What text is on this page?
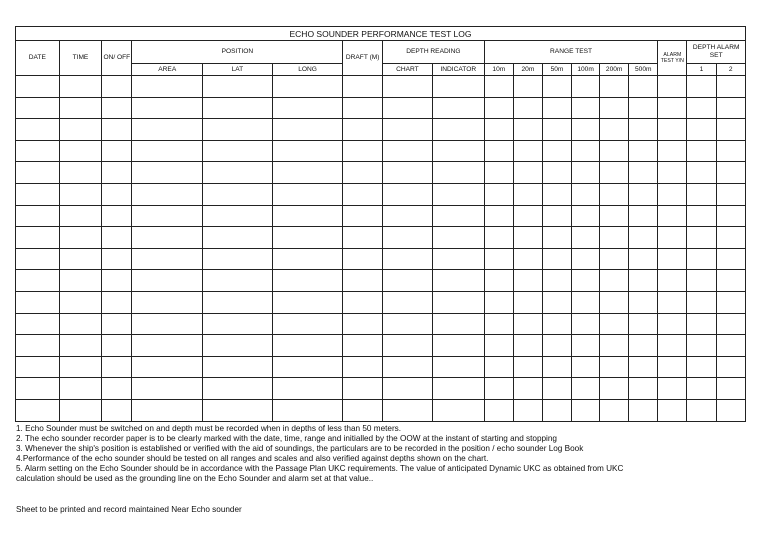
ECHO SOUNDER PERFORMANCE TEST LOG																	
DATE	TIME	ON/ OFF	POSITION			DRAFT (M)	DEPTH READING		RANGE TEST						ALARM TEST Y/N	DEPTH ALARM SET	
			AREA	LAT	LONG		CHART	INDICATOR	10m	20m	50m	100m	200m	500m		1	2

1. Echo Sounder must be switched on and depth must be recorded when in depths of less than 50 meters.
2. The echo sounder recorder paper is to be clearly marked with the date, time, range and initialled by the OOW at the instant of starting and stopping
3. Whenever the ship's position is established or verified with the aid of soundings, the particulars are to be recorded in the position / echo sounder Log Book
4.Performance of the echo sounder should be tested on all ranges and scales and also verified against depths shown on the chart.
5. Alarm setting on the Echo Sounder should be in accordance with the Passage Plan UKC requirements. The value of anticipated Dynamic UKC as obtained from UKC
calculation should be used as the grounding line on the Echo Sounder and alarm set at that value..
Sheet to be printed and record maintained Near Echo sounder
